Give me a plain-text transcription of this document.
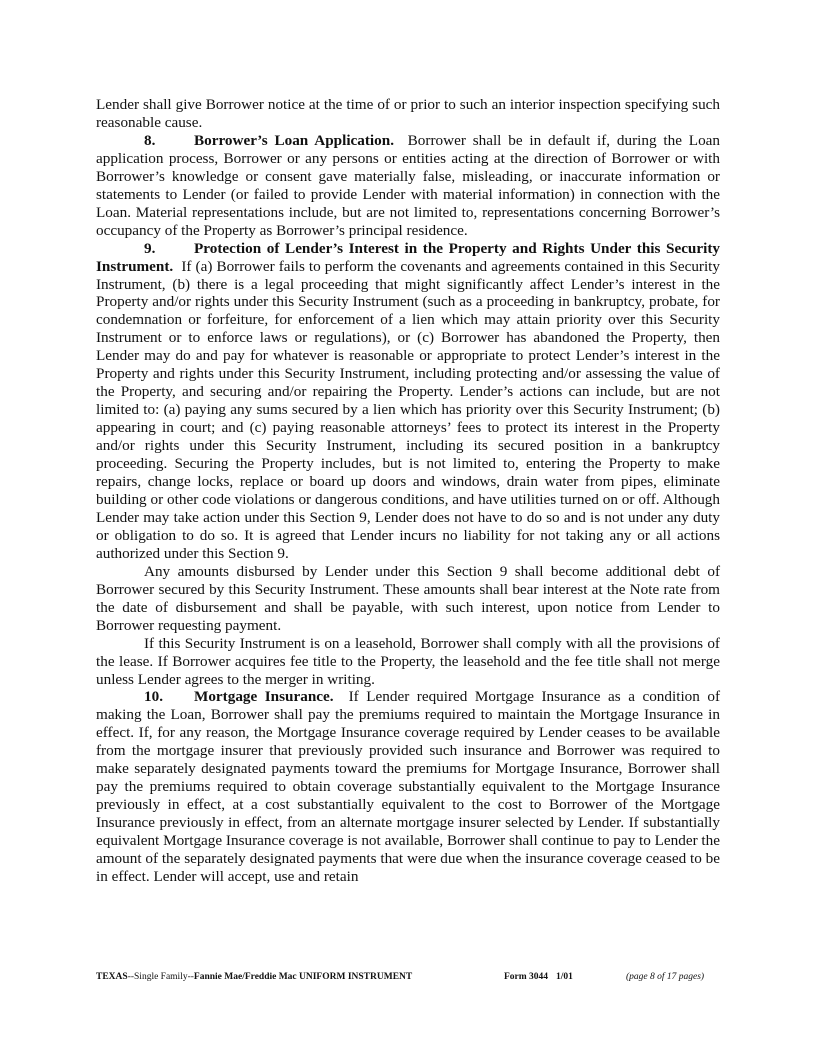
Lender shall give Borrower notice at the time of or prior to such an interior inspection specifying such reasonable cause.

8.	Borrower’s Loan Application. Borrower shall be in default if, during the Loan application process, Borrower or any persons or entities acting at the direction of Borrower or with Borrower’s knowledge or consent gave materially false, misleading, or inaccurate information or statements to Lender (or failed to provide Lender with material information) in connection with the Loan. Material representations include, but are not limited to, representations concerning Borrower’s occupancy of the Property as Borrower’s principal residence.

9.	Protection of Lender’s Interest in the Property and Rights Under this Security Instrument. If (a) Borrower fails to perform the covenants and agreements contained in this Security Instrument, (b) there is a legal proceeding that might significantly affect Lender’s interest in the Property and/or rights under this Security Instrument (such as a proceeding in bankruptcy, probate, for condemnation or forfeiture, for enforcement of a lien which may attain priority over this Security Instrument or to enforce laws or regulations), or (c) Borrower has abandoned the Property, then Lender may do and pay for whatever is reasonable or appropriate to protect Lender’s interest in the Property and rights under this Security Instrument, including protecting and/or assessing the value of the Property, and securing and/or repairing the Property. Lender’s actions can include, but are not limited to: (a) paying any sums secured by a lien which has priority over this Security Instrument; (b) appearing in court; and (c) paying reasonable attorneys’ fees to protect its interest in the Property and/or rights under this Security Instrument, including its secured position in a bankruptcy proceeding. Securing the Property includes, but is not limited to, entering the Property to make repairs, change locks, replace or board up doors and windows, drain water from pipes, eliminate building or other code violations or dangerous conditions, and have utilities turned on or off. Although Lender may take action under this Section 9, Lender does not have to do so and is not under any duty or obligation to do so. It is agreed that Lender incurs no liability for not taking any or all actions authorized under this Section 9.

Any amounts disbursed by Lender under this Section 9 shall become additional debt of Borrower secured by this Security Instrument. These amounts shall bear interest at the Note rate from the date of disbursement and shall be payable, with such interest, upon notice from Lender to Borrower requesting payment.

If this Security Instrument is on a leasehold, Borrower shall comply with all the provisions of the lease. If Borrower acquires fee title to the Property, the leasehold and the fee title shall not merge unless Lender agrees to the merger in writing.

10. Mortgage Insurance. If Lender required Mortgage Insurance as a condition of making the Loan, Borrower shall pay the premiums required to maintain the Mortgage Insurance in effect. If, for any reason, the Mortgage Insurance coverage required by Lender ceases to be available from the mortgage insurer that previously provided such insurance and Borrower was required to make separately designated payments toward the premiums for Mortgage Insurance, Borrower shall pay the premiums required to obtain coverage substantially equivalent to the Mortgage Insurance previously in effect, at a cost substantially equivalent to the cost to Borrower of the Mortgage Insurance previously in effect, from an alternate mortgage insurer selected by Lender. If substantially equivalent Mortgage Insurance coverage is not available, Borrower shall continue to pay to Lender the amount of the separately designated payments that were due when the insurance coverage ceased to be in effect. Lender will accept, use and retain

TEXAS--Single Family--Fannie Mae/Freddie Mac UNIFORM INSTRUMENT	Form 3044 1/01	(page 8 of 17 pages)
